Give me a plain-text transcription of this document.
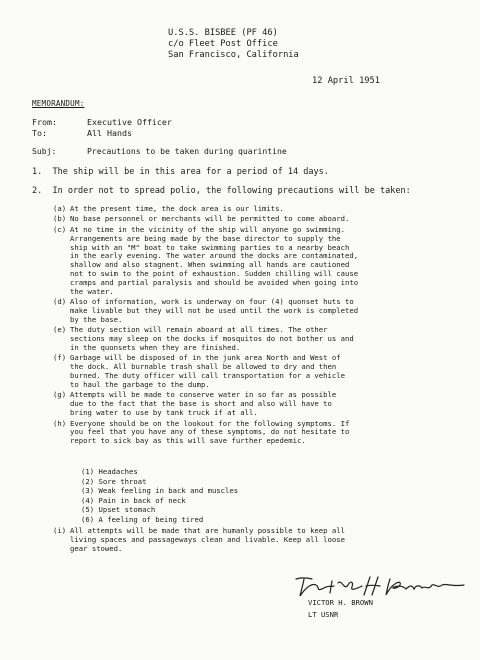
U.S.S. BISBEE (PF 46)
c/o Fleet Post Office
San Francisco, California
12 April 1951
MEMORANDUM:
From:	Executive Officer
To:	All Hands
Subj:	Precautions to be taken during quarintine
1.  The ship will be in this area for a period of 14 days.
2.  In order not to spread polio, the following precautions will be taken:
(a) At the present time, the dock area is our limits.
(b) No base personnel or merchants will be permitted to come aboard.
(c) At no time in the vicinity of the ship will anyone go swimming.
Arrangements are being made by the base director to supply the
ship with an "M" boat to take swimming parties to a nearby beach
in the early evening. The water around the docks are contaminated,
shallow and also stagnent. When swimming all hands are cautioned
not to swim to the point of exhaustion. Sudden chilling will cause
cramps and partial paralysis and should be avoided when going into
the water.
(d) Also of information, work is underway on four (4) quonset huts to
make livable but they will not be used until the work is completed
by the base.
(e) The duty section will remain aboard at all times. The other
sections may sleep on the docks if mosquitos do not bother us and
in the quonsets when they are finished.
(f) Garbage will be disposed of in the junk area North and West of
the dock. All burnable trash shall be allowed to dry and then
burned. The duty officer will call transportation for a vehicle
to haul the garbage to the dump.
(g) Attempts will be made to conserve water in so far as possible
due to the fact that the base is short and also will have to
bring water to use by tank truck if at all.
(h) Everyone should be on the lookout for the following symptoms. If
you feel that you have any of these symptoms, do not hesitate to
report to sick bay as this will save further epedemic.
(1) Headaches
(2) Sore throat
(3) Weak feeling in back and muscles
(4) Pain in back of neck
(5) Upset stomach
(6) A feeling of being tired
(i) All attempts will be made that are humanly possible to keep all
living spaces and passageways clean and livable. Keep all loose
gear stowed.
VICTOR H. BROWN
LT USNR
